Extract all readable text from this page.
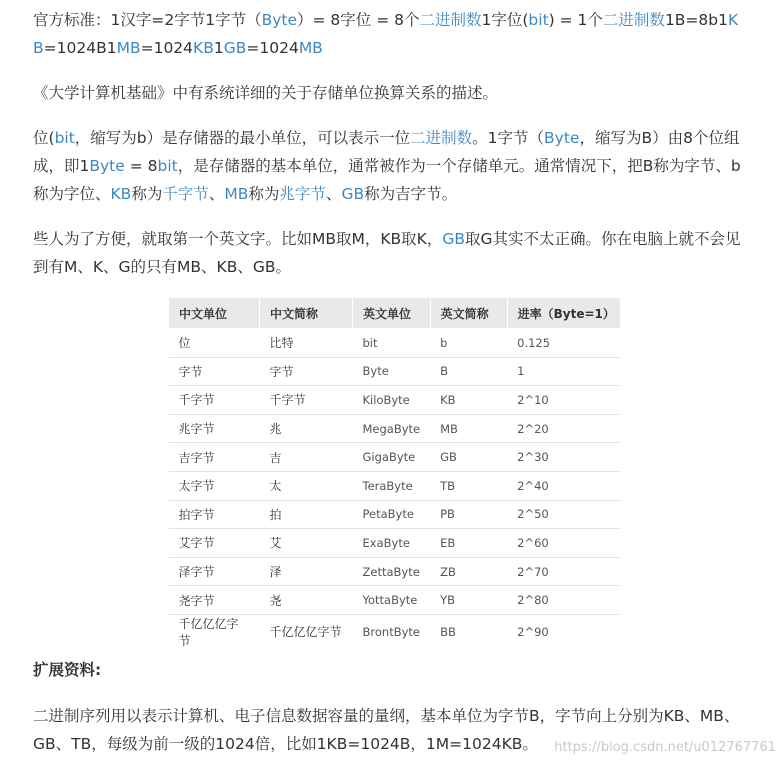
官方标准：1汉字=2字节1字节（Byte）= 8字位 = 8个二进制数1字位(bit) = 1个二进制数1B=8b1KB=1024B1MB=1024KB1GB=1024MB

《大学计算机基础》中有系统详细的关于存储单位换算关系的描述。

位(bit，缩写为b）是存储器的最小单位，可以表示一位二进制数。1字节（Byte，缩写为B）由8个位组成，即1Byte = 8bit，是存储器的基本单位，通常被作为一个存储单元。通常情况下，把B称为字节、b称为字位、KB称为千字节、MB称为兆字节、GB称为吉字节。

些人为了方便，就取第一个英文字。比如MB取M，KB取K，GB取G其实不太正确。你在电脑上就不会见到有M、K、G的只有MB、KB、GB。

中文单位	中文简称	英文单位	英文简称	进率（Byte=1）
位	比特	bit	b	0.125
字节	字节	Byte	B	1
千字节	千字节	KiloByte	KB	2^10
兆字节	兆	MegaByte	MB	2^20
吉字节	吉	GigaByte	GB	2^30
太字节	太	TeraByte	TB	2^40
拍字节	拍	PetaByte	PB	2^50
艾字节	艾	ExaByte	EB	2^60
泽字节	泽	ZettaByte	ZB	2^70
尧字节	尧	YottaByte	YB	2^80
千亿亿亿字节	千亿亿亿字节	BrontByte	BB	2^90

扩展资料:

二进制序列用以表示计算机、电子信息数据容量的量纲，基本单位为字节B，字节向上分别为KB、MB、GB、TB，每级为前一级的1024倍，比如1KB=1024B，1M=1024KB。	https://blog.csdn.net/u012767761
